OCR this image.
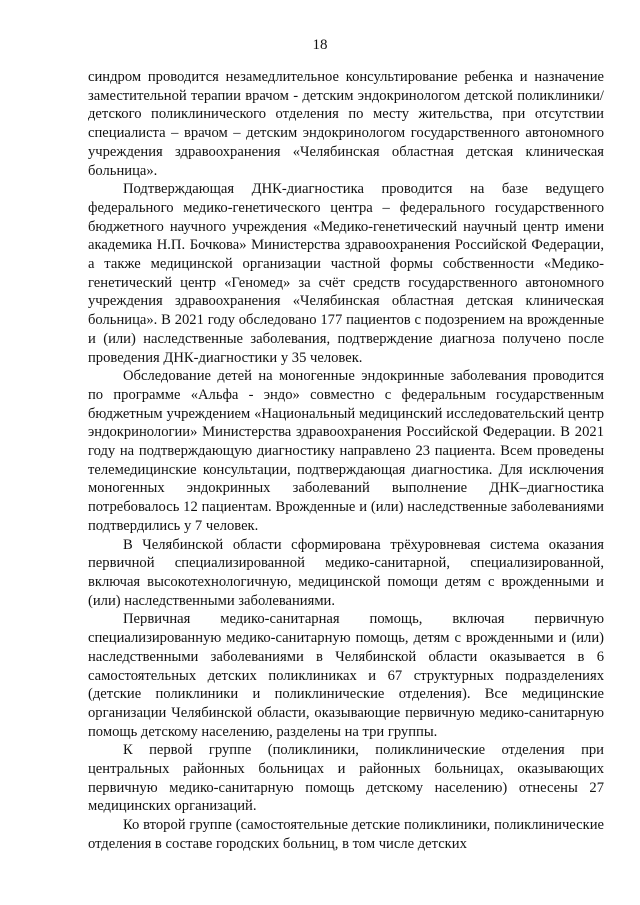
18

синдром проводится незамедлительное консультирование ребенка и назначение заместительной терапии врачом - детским эндокринологом детской поликлиники/детского поликлинического отделения по месту жительства, при отсутствии специалиста – врачом – детским эндокринологом государственного автономного учреждения здравоохранения «Челябинская областная детская клиническая больница».

Подтверждающая ДНК-диагностика проводится на базе ведущего федерального медико-генетического центра – федерального государственного бюджетного научного учреждения «Медико-генетический научный центр имени академика Н.П. Бочкова» Министерства здравоохранения Российской Федерации, а также медицинской организации частной формы собственности «Медико-генетический центр «Геномед» за счёт средств государственного автономного учреждения здравоохранения «Челябинская областная детская клиническая больница». В 2021 году обследовано 177 пациентов с подозрением на врожденные и (или) наследственные заболевания, подтверждение диагноза получено после проведения ДНК-диагностики у 35 человек.

Обследование детей на моногенные эндокринные заболевания проводится по программе «Альфа - эндо» совместно с федеральным государственным бюджетным учреждением «Национальный медицинский исследовательский центр эндокринологии» Министерства здравоохранения Российской Федерации. В 2021 году на подтверждающую диагностику направлено 23 пациента. Всем проведены телемедицинские консультации, подтверждающая диагностика. Для исключения моногенных эндокринных заболеваний выполнение ДНК–диагностика потребовалось 12 пациентам. Врожденные и (или) наследственные заболеваниями подтвердились у 7 человек.

В Челябинской области сформирована трёхуровневая система оказания первичной специализированной медико-санитарной, специализированной, включая высокотехнологичную, медицинской помощи детям с врожденными и (или) наследственными заболеваниями.

Первичная медико-санитарная помощь, включая первичную специализированную медико-санитарную помощь, детям с врожденными и (или) наследственными заболеваниями в Челябинской области оказывается в 6 самостоятельных детских поликлиниках и 67 структурных подразделениях (детские поликлиники и поликлинические отделения). Все медицинские организации Челябинской области, оказывающие первичную медико-санитарную помощь детскому населению, разделены на три группы.

К первой группе (поликлиники, поликлинические отделения при центральных районных больницах и районных больницах, оказывающих первичную медико-санитарную помощь детскому населению) отнесены 27 медицинских организаций.

Ко второй группе (самостоятельные детские поликлиники, поликлинические отделения в составе городских больниц, в том числе детских
